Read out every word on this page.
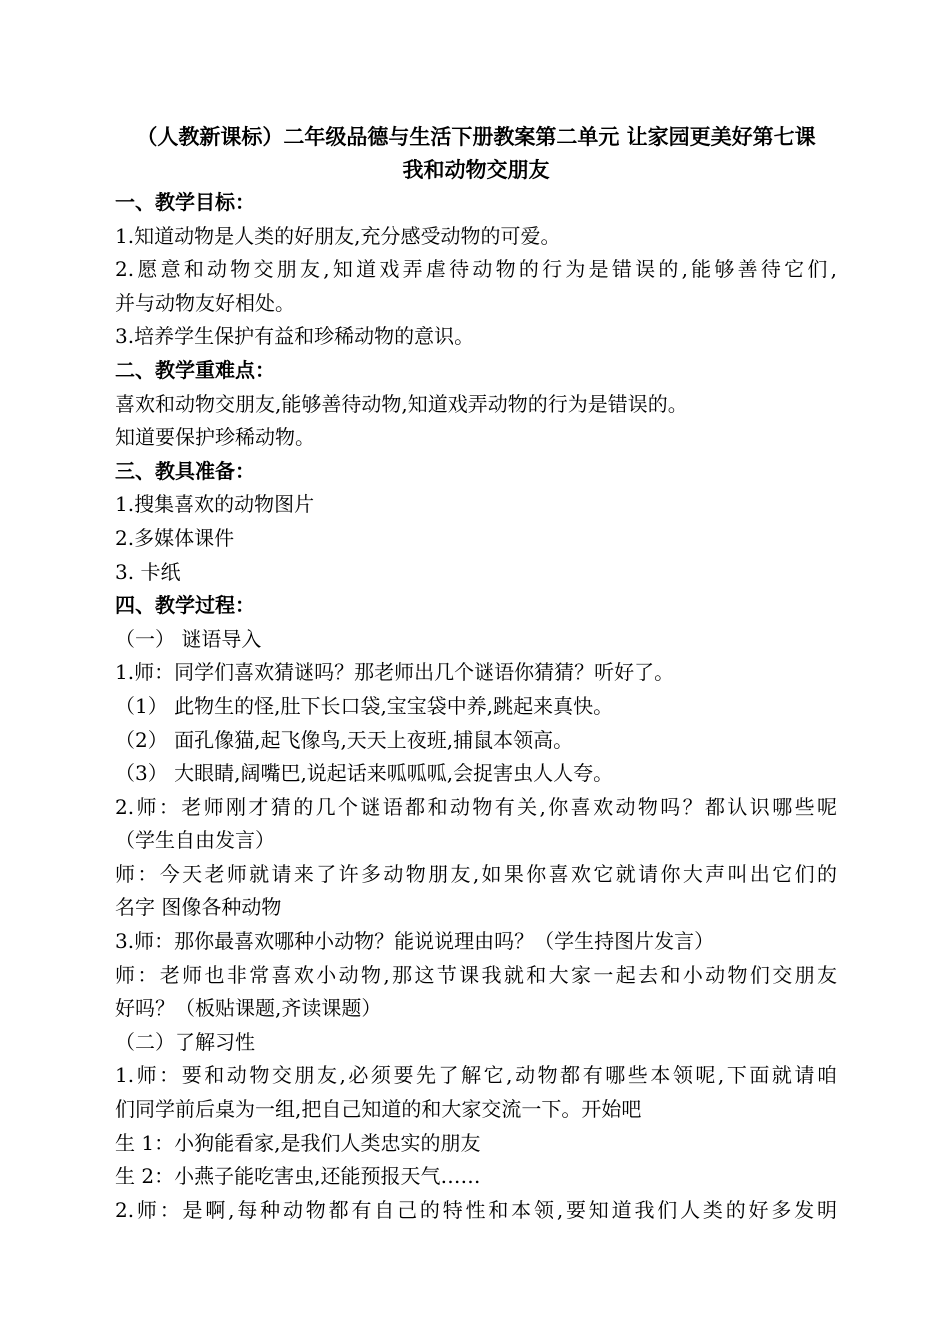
（人教新课标）二年级品德与生活下册教案第二单元 让家园更美好第七课
我和动物交朋友
一、教学目标：
1.知道动物是人类的好朋友,充分感受动物的可爱。
2.愿意和动物交朋友,知道戏弄虐待动物的行为是错误的,能够善待它们,
并与动物友好相处。
3.培养学生保护有益和珍稀动物的意识。
二、教学重难点：
喜欢和动物交朋友,能够善待动物,知道戏弄动物的行为是错误的。
知道要保护珍稀动物。
三、教具准备：
1.搜集喜欢的动物图片
2.多媒体课件
3. 卡纸
四、教学过程：
（一） 谜语导入
1.师：同学们喜欢猜谜吗？那老师出几个谜语你猜猜？听好了。
（1） 此物生的怪,肚下长口袋,宝宝袋中养,跳起来真快。
（2） 面孔像猫,起飞像鸟,天天上夜班,捕鼠本领高。
（3） 大眼睛,阔嘴巴,说起话来呱呱呱,会捉害虫人人夸。
2.师：老师刚才猜的几个谜语都和动物有关,你喜欢动物吗？都认识哪些呢
（学生自由发言）
师：今天老师就请来了许多动物朋友,如果你喜欢它就请你大声叫出它们的
名字 图像各种动物
3.师：那你最喜欢哪种小动物？能说说理由吗？（学生持图片发言）
师：老师也非常喜欢小动物,那这节课我就和大家一起去和小动物们交朋友
好吗？（板贴课题,齐读课题）
（二）了解习性
1.师：要和动物交朋友,必须要先了解它,动物都有哪些本领呢,下面就请咱
们同学前后桌为一组,把自己知道的和大家交流一下。开始吧
生 1：小狗能看家,是我们人类忠实的朋友
生 2：小燕子能吃害虫,还能预报天气……
2.师：是啊,每种动物都有自己的特性和本领,要知道我们人类的好多发明
